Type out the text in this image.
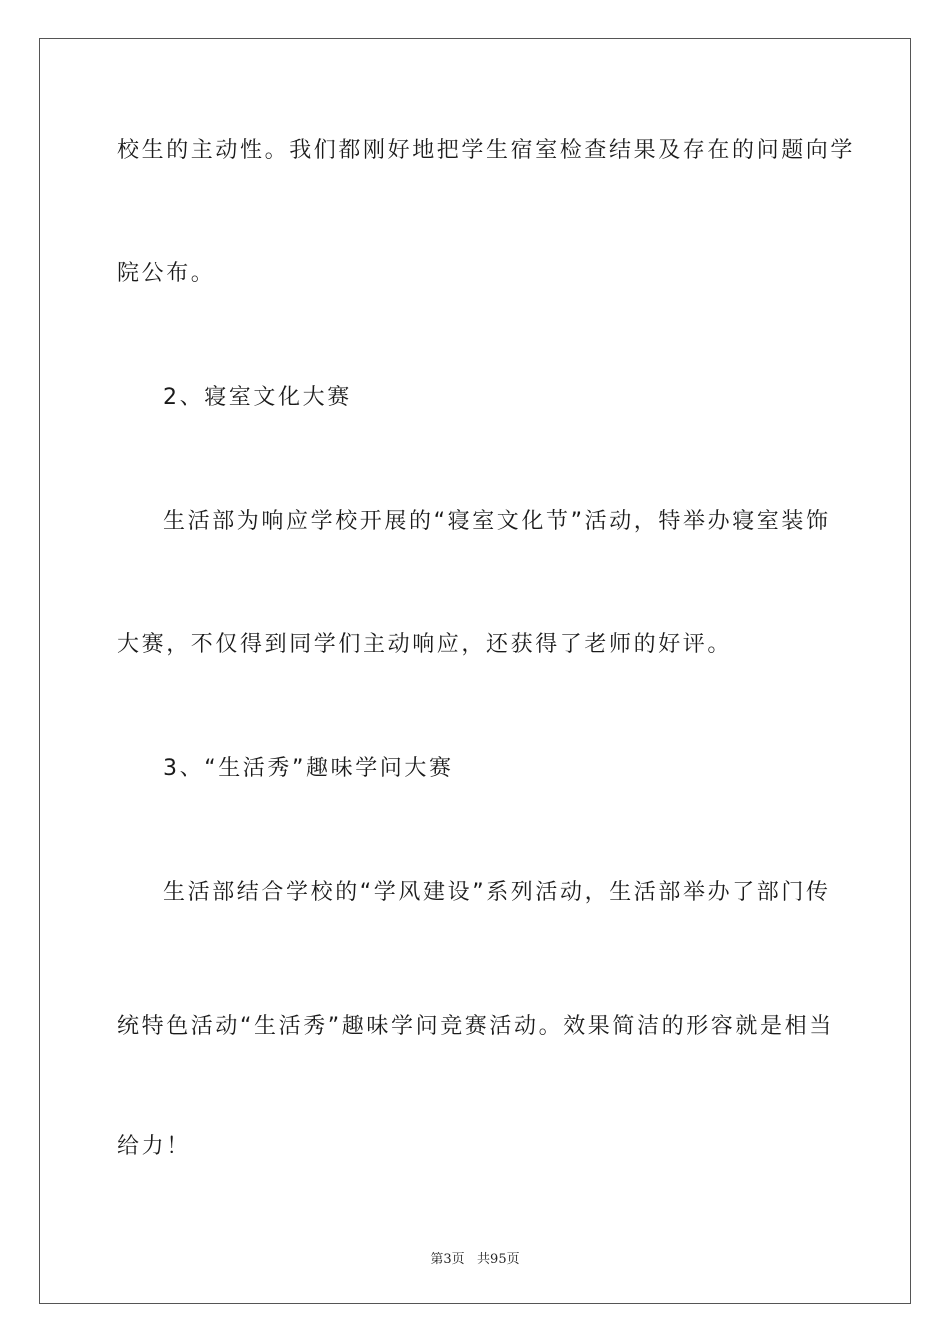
校生的主动性。我们都刚好地把学生宿室检查结果及存在的问题向学
院公布。
2、寝室文化大赛
生活部为响应学校开展的“寝室文化节”活动，特举办寝室装饰
大赛，不仅得到同学们主动响应，还获得了老师的好评。
3、“生活秀”趣味学问大赛
生活部结合学校的“学风建设”系列活动，生活部举办了部门传
统特色活动“生活秀”趣味学问竞赛活动。效果简洁的形容就是相当
给力！
第3页   共95页
